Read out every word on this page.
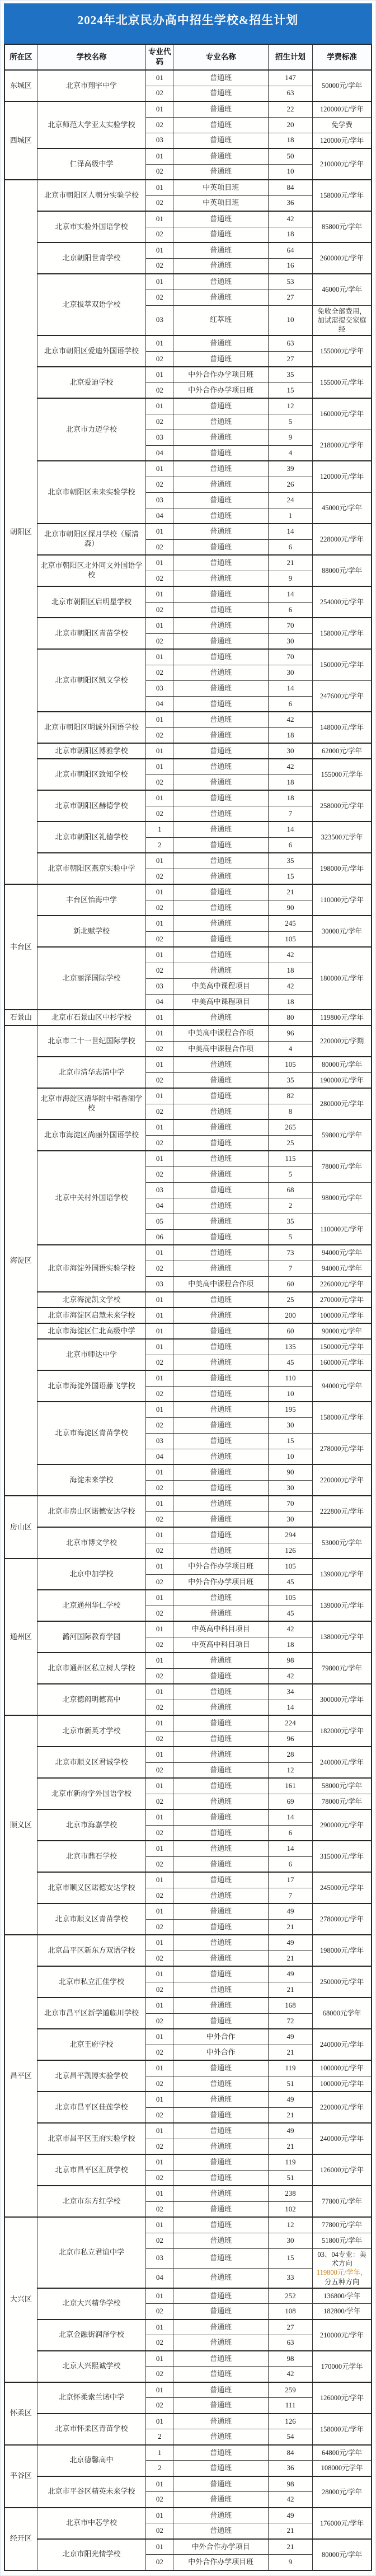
2024年北京民办高中招生学校&招生计划
所在区	学校名称	专业代码	专业名称	招生计划	学费标准
东城区	北京市翔宇中学	01	普通班	147	50000元/学年

		02	普通班	63	
西城区	北京师范大学亚太实验学校	01	普通班	22	120000元/学年

		02	普通班	20	免学费

		03	普通班	18	120000元/学年

	仁泽高级中学	01	普通班	50	210000元/学年

		02	普通班	10	
朝阳区	北京市朝阳区人朝分实验学校	01	中英项目班	84	158000元/学年

		02	中英项目班	36	
	北京市实验外国语学校	01	普通班	42	85800元/学年

		02	普通班	18	
	北京朝阳世青学校	01	普通班	64	260000元/学年

		02	普通班	16	
	北京拔萃双语学校	01	普通班	53	46000元/学年

		02	普通班	27	
		03	红萃班	10	免收全部费用，
加试需提交家庭经

	北京市朝阳区爱迪外国语学校	01	普通班	63	155000元/学年

		02	普通班	27	
	北京爱迪学校	01	中外合作办学项目班	35	155000元/学年

		02	中外合作办学项目班	15	
	北京市力迈学校	01	普通班	12	160000元/学年

		02	普通班	5	
		03	普通班	9	218000元/学年

		04	普通班	4	
	北京市朝阳区未来实验学校	01	普通班	39	120000元/学年

		02	普通班	26	
		03	普通班	24	45000元/学年

		04	普通班	1	
	北京市朝阳区探月学校（原清森）	01	普通班	14	228000元/学年

		02	普通班	6	
	北京市朝阳区北外同文外国语学校	01	普通班	21	88000元/学年

		02	普通班	9	
	北京市朝阳区启明星学校	01	普通班	14	254000元/学年

		02	普通班	6	
	北京市朝阳区青苗学校	01	普通班	70	158000元/学年

		02	普通班	30	
	北京市朝阳区凯文学校	01	普通班	70	150000元/学年

		02	普通班	30	
		03	普通班	14	247600元/学年

		04	普通班	6	
	北京市朝阳区明诚外国语学校	01	普通班	42	148000元/学年

		02	普通班	18	
	北京市朝阳区博雅学校	01	普通班	30	62000元/学年

	北京市朝阳区致知学校	01	普通班	42	155000元学年

		02	普通班	18	
	北京市朝阳区赫德学校	01	普通班	18	258000元/学年

		02	普通班	7	
	北京市朝阳区礼德学校	1	普通班	14	323500元学年

		2	普通班	6	
	北京市朝阳区燕京实验中学	01	普通班	35	198000元/学年

		02	普通班	15	
丰台区	丰台区怡海中学	01	普通班	21	110000元/学年

		02	普通班	90	
	新北赋学校	01	普通班	245	30000元/学年

		02	普通班	105	
	北京丽泽国际学校	01	普通班	42	180000元/学年

		02	普通班	18	
		03	中美高中课程项目	42	
		04	中美高中课程项目	18	
石景山	北京市石景山区中杉学校	01	普通班	80	119800元/学年

海淀区	北京市二十一世纪国际学校	01	中美高中课程合作项	96	220000元/学期

		02	中美高中课程合作项	4	
	北京市清华志清中学	01	普通班	105	80000元/学年

		02	普通班	35	190000元/学年

	北京市海淀区清华附中稻香湖学校	01	普通班	82	280000元/学年

		02	普通班	8	
	北京市海淀区尚丽外国语学校	01	普通班	265	59800元/学年

		02	普通班	25	
	北京中关村外国语学校	01	普通班	115	78000元/学年

		02	普通班	5	
		03	普通班	68	98000元/学年

		04	普通班	2	
		05	普通班	35	110000元/学年

		06	普通班	5	
	北京市海淀外国语实验学校	01	普通班	73	94000元/学年

		02	普通班	7	94000元/学年

		03	中美高中课程合作项	60	226000元/学年

	北京海淀凯文学校	01	普通班	25	270000元/学年

	北京市海淀区启慧未来学校	01	普通班	200	100000元/学年

	北京市海淀区仁北高级中学	01	普通班	60	90000元/学年

	北京市师达中学	01	普通班	135	150000元/学年

		02	普通班	45	160000元/学年

	北京市海淀外国语藤飞学校	01	普通班	110	94000元/学年

		02	普通班	10	
	北京市海淀区青苗学校	01	普通班	195	158000元/学年

		02	普通班	30	
		03	普通班	15	278000元/学年

		04	普通班	10	
	海淀未来学校	01	普通班	90	220000元/学年

		02	普通班	30	
房山区	北京市房山区诺德安达学校	01	普通班	70	222800元/学年

		02	普通班	30	
	北京市博文学校	01	普通班	294	53000元/学年

		02	普通班	126	
通州区	北京中加学校	01	中外合作办学项目班	105	139000元/学年

		02	中外合作办学项目班	45	
	北京通州华仁学校	01	普通班	105	139000元/学年

		02	普通班	45	
	潞河国际教育学园	01	中英高中科目项目	42	138000元/学年

		02	中英高中科目项目	18	
	北京市通州区私立树人学校	01	普通班	98	79800元/学年

		02	普通班	42	
	北京德闳明德高中	01	普通班	34	300000元/学年

		02	普通班	14	
顺义区	北京市新英才学校	01	普通班	224	182000元/学年

		02	普通班	96	
	北京市顺义区君诚学校	01	普通班	28	240000元/学年

		02	普通班	12	
	北京市新府学外国语学校	01	普通班	161	58000元/学年

		02	普通班	69	78000元/学年

	北京市海嘉学校	01	普通班	14	290000元/学年

		02	普通班	6	
	北京市鼎石学校	01	普通班	14	315000元/学年

		02	普通班	6	
	北京市顺义区诺德安达学校	01	普通班	17	245000元/学年

		02	普通班	7	
	北京市顺义区青苗学校	01	普通班	49	278000元/学年

		02	普通班	21	
昌平区	北京昌平区新东方双语学校	01	普通班	49	198000元/学年

		02	普通班	21	
	北京市私立汇佳学校	01	普通班	49	250000元/学年

		02	普通班	21	
	北京市昌平区新学道临川学校	01	普通班	168	68000元学年

		02	普通班	72	
	北京王府学校	01	中外合作	49	240000元/学年

		02	中外合作	21	
	北京昌平凯博实验学校	01	普通班	119	100000元/学年

		02	普通班	51	100000元/学年

	北京市昌平区佳莲学校	01	普通班	49	220000元/学年

		02	普通班	21	
	北京市昌平区王府实验学校	01	普通班	49	240000元/学年

		02	普通班	21	
	北京市昌平区汇贤学校	01	普通班	119	126000元/学年

		02	普通班	51	
	北京市东方红学校	01	普通班	238	77800元/学年

		02	普通班	102	
大兴区	北京市私立君谊中学	01	普通班	12	77800元/学年

		02	普通班	30	51800元/学年

		03	普通班	15	03、04专业：美术方向
119800元/学年，
分五种方向

		04	普通班	33	
	北京大兴精华学校	01	普通班	252	136800/学年

		02	普通班	108	182800/学年

	北京金融街润泽学校	01	普通班	27	210000元/学年

		02	普通班	63	
	北京大兴熙诚学校	01	普通班	98	170000元学年

		02	普通班	42	
怀柔区	北京怀柔索兰诺中学	01	普通班	259	126000元/学年

		02	普通班	111	
	北京市怀柔区青苗学校	01	普通班	126	158000元/学年

		2	普通班	54	
平谷区	北京德馨高中	1	普通班	84	64800元/学年

		2	普通班	36	108000元学年

	北京市平谷区精英未来学校	01	普通班	98	28000元/学年

		02	普通班	42	
经开区	北京市中芯学校	01	普通班	49	176000元/学年

		02	普通班	21	
	北京市阳光情学校	01	中外合作办学项目	21	80000元/学年

		02	中外合作办学项目班	9	
